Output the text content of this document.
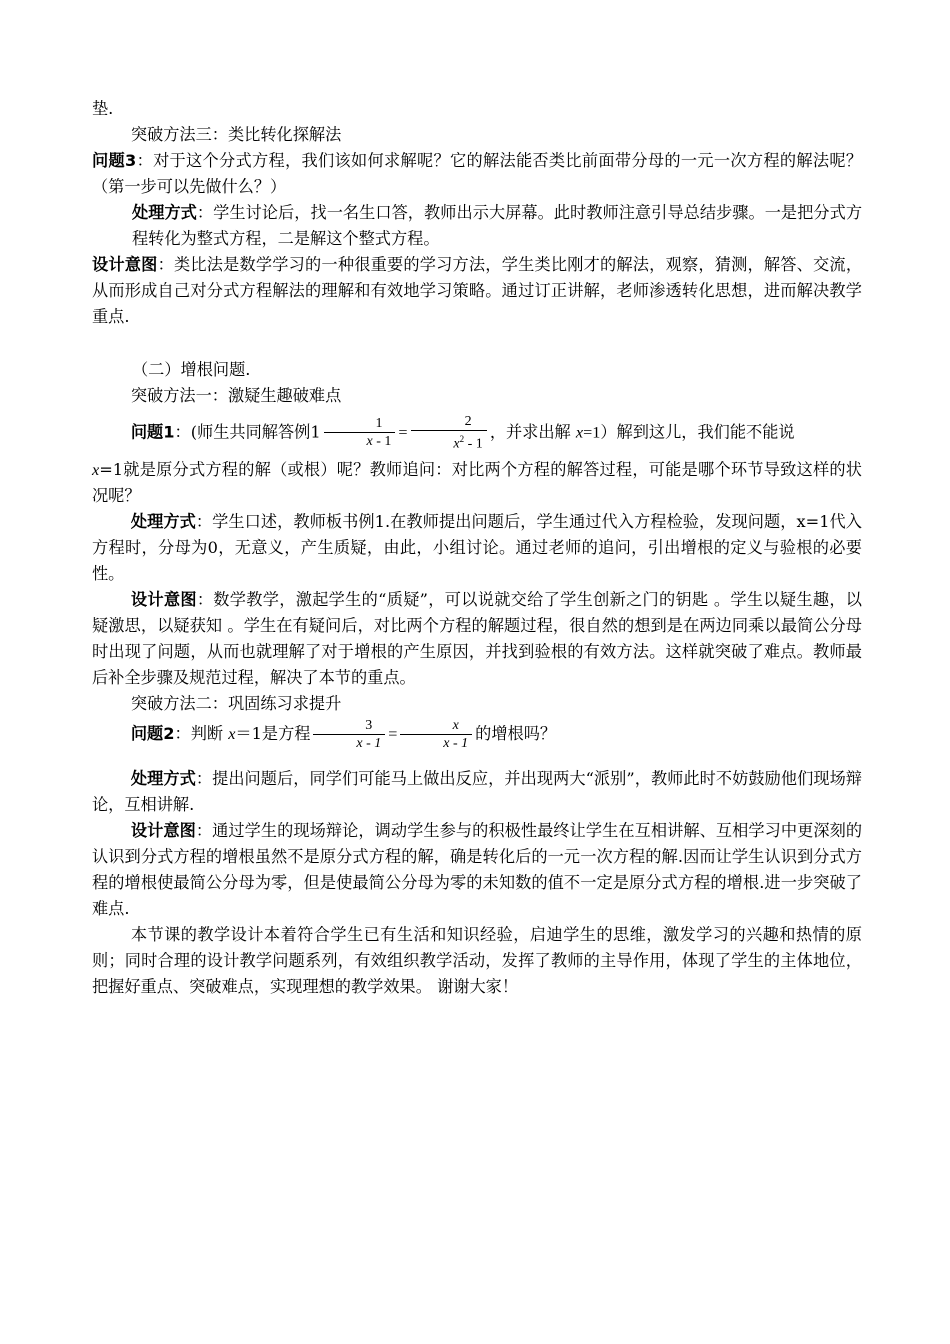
垫.

突破方法三：类比转化探解法

问题3：对于这个分式方程，我们该如何求解呢？它的解法能否类比前面带分母的一元一次方程的解法呢？（第一步可以先做什么？）

处理方式：学生讨论后，找一名生口答，教师出示大屏幕。此时教师注意引导总结步骤。一是把分式方程转化为整式方程，二是解这个整式方程。

设计意图：类比法是数学学习的一种很重要的学习方法，学生类比刚才的解法，观察，猜测，解答、交流，从而形成自己对分式方程解法的理解和有效地学习策略。通过订正讲解，老师渗透转化思想，进而解决教学重点.

（二）增根问题.

突破方法一：激疑生趣破难点

问题1：(师生共同解答例$1 \frac{1}{x - 1} = \frac{2}{x^2 - 1}$ ，并求出解 x=1）解到这儿，我们能不能说

x=1就是原分式方程的解（或根）呢？教师追问：对比两个方程的解答过程，可能是哪个环节导致这样的状况呢？

处理方式：学生口述，教师板书例1.在教师提出问题后，学生通过代入方程检验，发现问题，x=1代入方程时，分母为0，无意义，产生质疑，由此，小组讨论。通过老师的追问，引出增根的定义与验根的必要性。

设计意图：数学教学，激起学生的“质疑”，可以说就交给了学生创新之门的钥匙 。学生以疑生趣，以疑激思，以疑获知 。学生在有疑问后，对比两个方程的解题过程，很自然的想到是在两边同乘以最简公分母时出现了问题，从而也就理解了对于增根的产生原因，并找到验根的有效方法。这样就突破了难点。教师最后补全步骤及规范过程，解决了本节的重点。

突破方法二：巩固练习求提升

问题2：判断 x＝1是方程 $\frac{3}{x - 1} = \frac{x}{x - 1}$ 的增根吗？

处理方式：提出问题后，同学们可能马上做出反应，并出现两大“派别”，教师此时不妨鼓励他们现场辩论，互相讲解.

设计意图：通过学生的现场辩论，调动学生参与的积极性最终让学生在互相讲解、互相学习中更深刻的认识到分式方程的增根虽然不是原分式方程的解，确是转化后的一元一次方程的解.因而让学生认识到分式方程的增根使最简公分母为零，但是使最简公分母为零的未知数的值不一定是原分式方程的增根.进一步突破了难点.

本节课的教学设计本着符合学生已有生活和知识经验，启迪学生的思维，激发学习的兴趣和热情的原则；同时合理的设计教学问题系列，有效组织教学活动，发挥了教师的主导作用，体现了学生的主体地位，把握好重点、突破难点，实现理想的教学效果。 谢谢大家！
